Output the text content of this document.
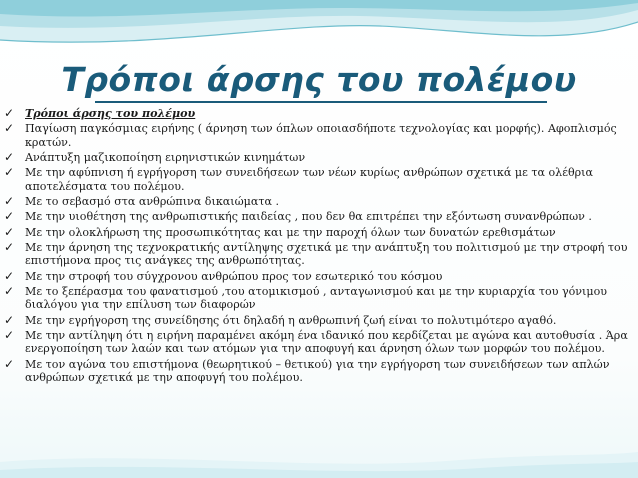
Τρόποι άρσης του πολέμου
✓ Τρόποι άρσης του πολέμου
✓ Παγίωση παγκόσμιας ειρήνης ( άρνηση των όπλων οποιασδήποτε τεχνολογίας και μορφής). Αφοπλισμός κρατών.
✓ Ανάπτυξη μαζικοποίηση ειρηνιστικών κινημάτων
✓ Με την αφύπνιση ή εγρήγορση των συνειδήσεων των νέων κυρίως ανθρώπων σχετικά με τα ολέθρια αποτελέσματα του πολέμου.
✓ Με το σεβασμό στα ανθρώπινα δικαιώματα .
✓ Με την υιοθέτηση της ανθρωπιστικής παιδείας , που δεν θα επιτρέπει την εξόντωση συνανθρώπων .
✓ Με την ολοκλήρωση της προσωπικότητας και με την παροχή όλων των δυνατών ερεθισμάτων
✓ Με την άρνηση της τεχνοκρατικής αντίληψης σχετικά με την ανάπτυξη του πολιτισμού με την στροφή του επιστήμονα προς τις ανάγκες της ανθρωπότητας.
✓ Με την στροφή του σύγχρονου ανθρώπου προς τον εσωτερικό του κόσμου
✓ Με το ξεπέρασμα του φανατισμού ,του ατομικισμού , ανταγωνισμού και με την κυριαρχία του γόνιμου διαλόγου για την επίλυση των διαφορών
✓ Με την εγρήγορση της συνείδησης ότι δηλαδή η ανθρωπινή ζωή είναι το πολυτιμότερο αγαθό.
✓ Με την αντίληψη ότι η ειρήνη παραμένει ακόμη ένα ιδανικό που κερδίζεται με αγώνα και αυτοθυσία . Άρα ενεργοποίηση των λαών και των ατόμων για την αποφυγή και άρνηση όλων των μορφών του πολέμου.
✓ Με τον αγώνα του επιστήμονα (θεωρητικού – θετικού) για την εγρήγορση των συνειδήσεων των απλών ανθρώπων σχετικά με την αποφυγή του πολέμου.
